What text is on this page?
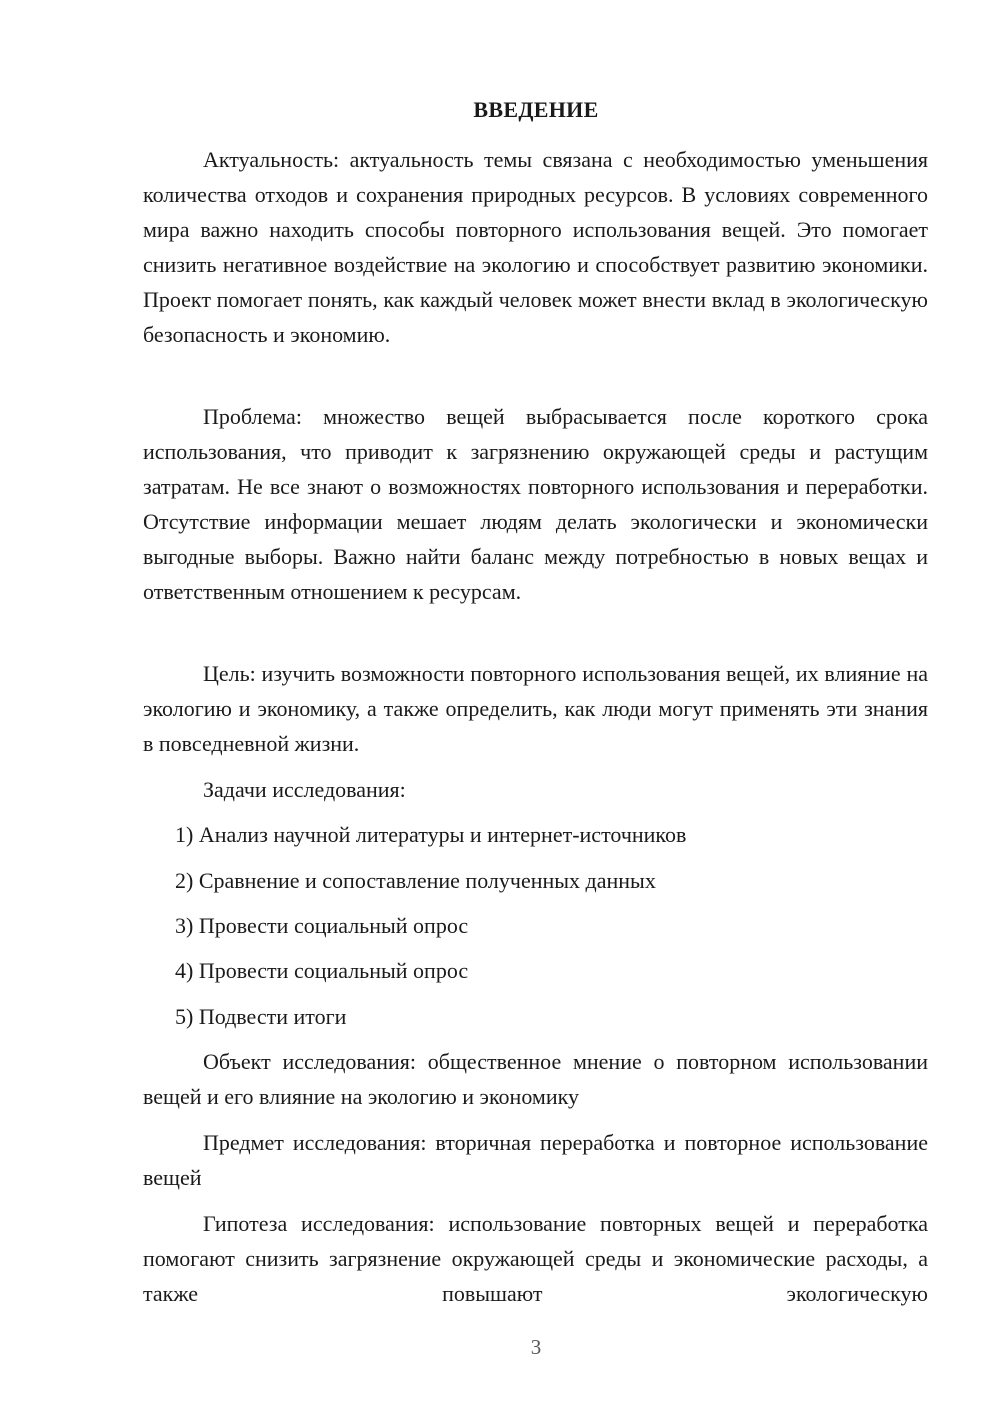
ВВЕДЕНИЕ

Актуальность: актуальность темы связана с необходимостью уменьшения количества отходов и сохранения природных ресурсов. В условиях современного мира важно находить способы повторного использования вещей. Это помогает снизить негативное воздействие на экологию и способствует развитию экономики. Проект помогает понять, как каждый человек может внести вклад в экологическую безопасность и экономию.

Проблема: множество вещей выбрасывается после короткого срока использования, что приводит к загрязнению окружающей среды и растущим затратам. Не все знают о возможностях повторного использования и переработки. Отсутствие информации мешает людям делать экологически и экономически выгодные выборы. Важно найти баланс между потребностью в новых вещах и ответственным отношением к ресурсам.

Цель: изучить возможности повторного использования вещей, их влияние на экологию и экономику, а также определить, как люди могут применять эти знания в повседневной жизни.

Задачи исследования:

1) Анализ научной литературы и интернет-источников

2) Сравнение и сопоставление полученных данных

3) Провести социальный опрос

4) Провести социальный опрос

5) Подвести итоги

Объект исследования: общественное мнение о повторном использовании вещей и его влияние на экологию и экономику

Предмет исследования: вторичная переработка и повторное использование вещей

Гипотеза исследования: использование повторных вещей и переработка помогают снизить загрязнение окружающей среды и экономические расходы, а также повышают экологическую

3
